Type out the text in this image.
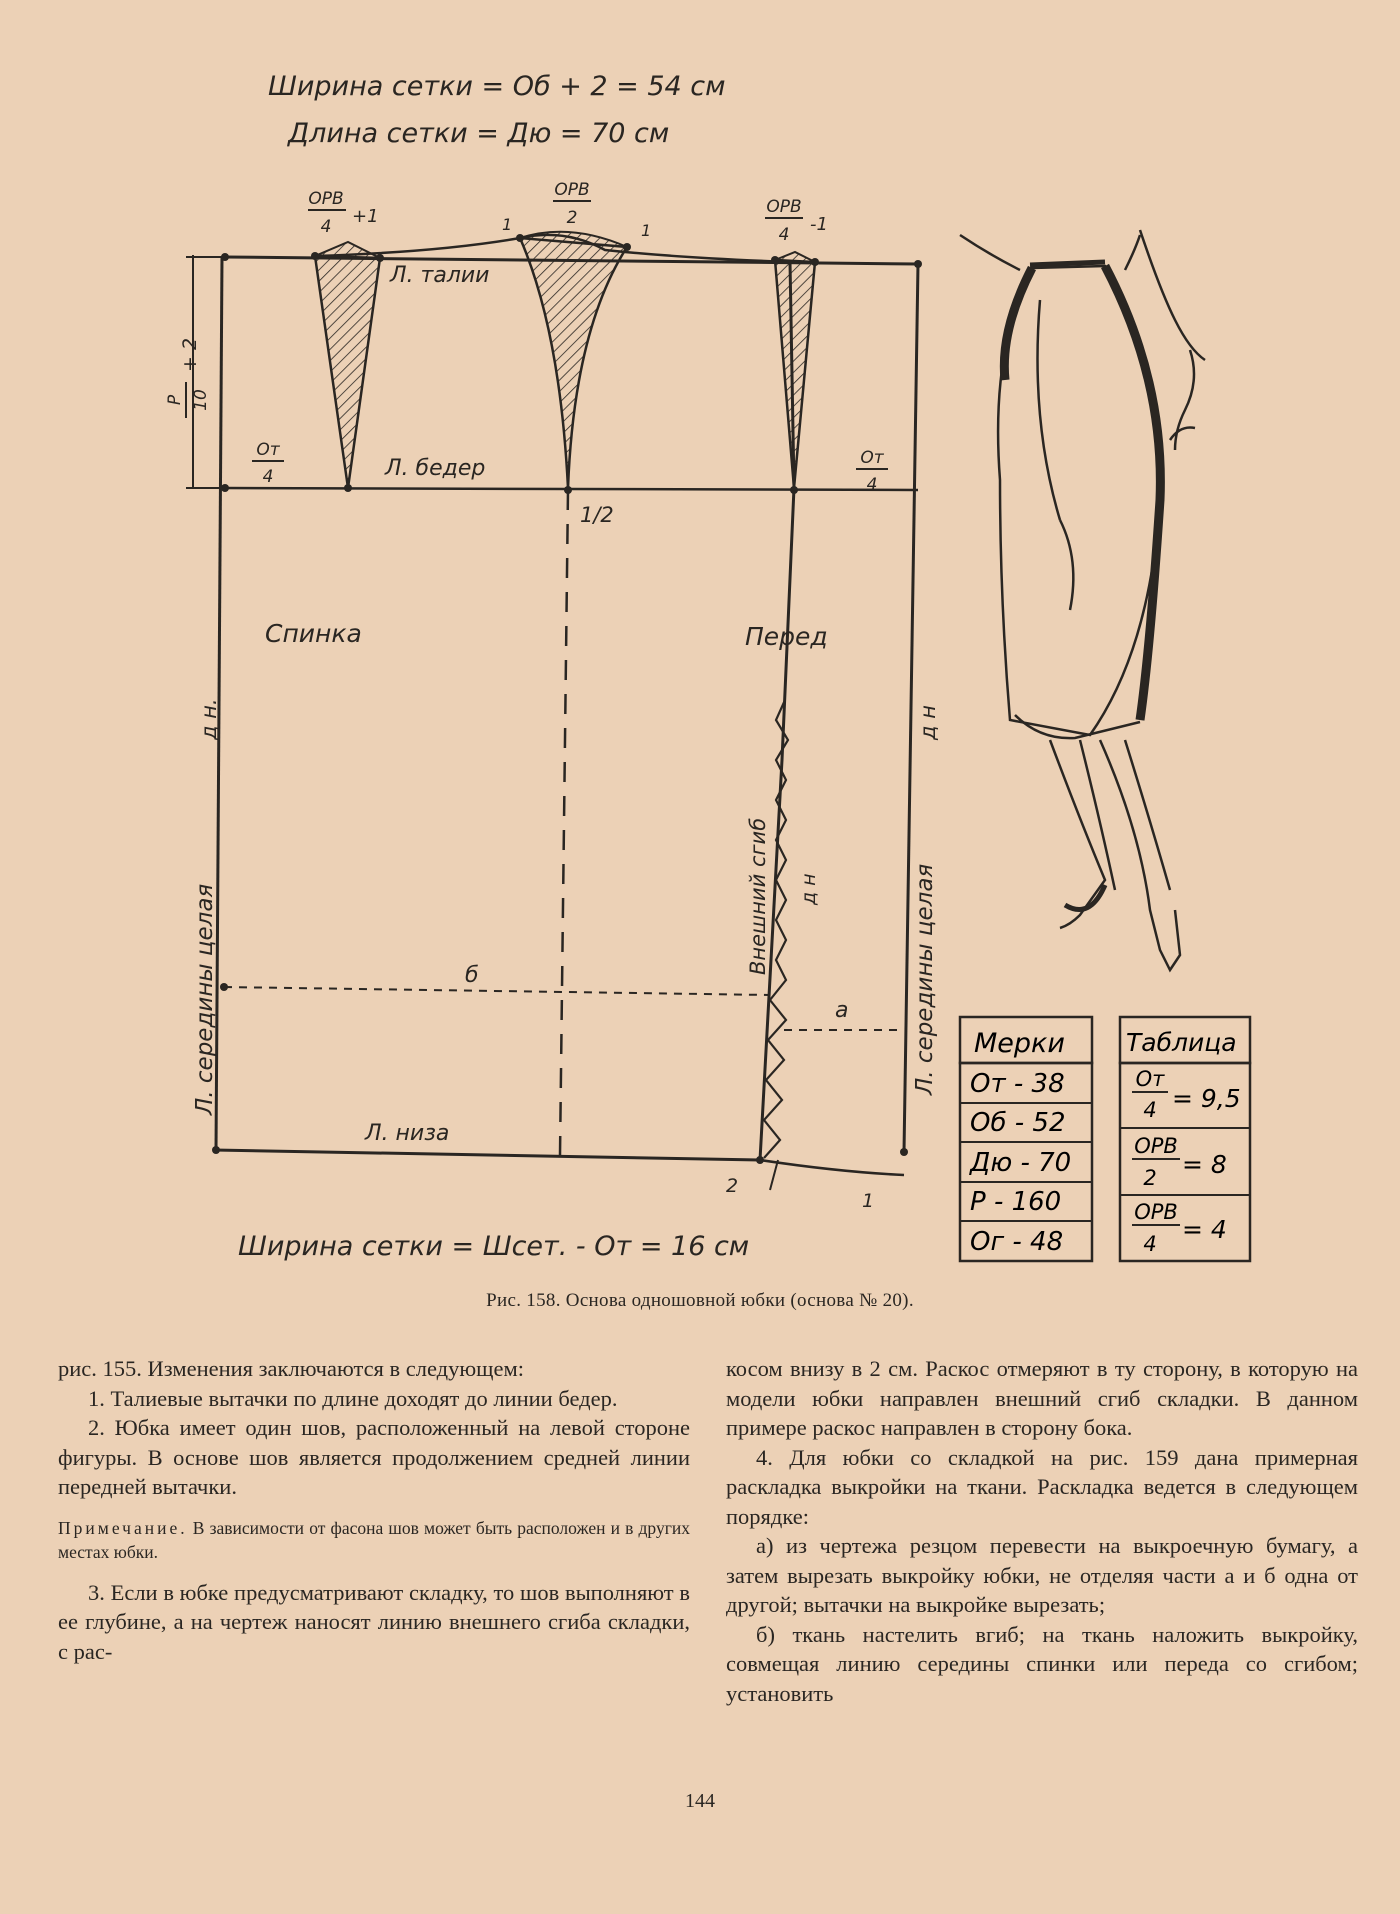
Ширина сетки = Об + 2 = 54 см
Длина сетки = Дю = 70 см
ОРВ
4 +1
ОРВ
2
ОРВ
4 -1
1	1
Л. талии
Л. бедер
Л. низа
Спинка	Перед
1/2
От
4
От
4
Р 10
+ 2
д н.	д н
д н
Л. середины целая	Л. середины целая
Внешний сгиб
б
а
2
1
Ширина сетки = Шсет. - От = 16 см
Мерки
От - 38
Об - 52
Дю - 70
Р - 160
Ог - 48
Таблица
От
4 = 9,5
ОРВ
2 = 8
ОРВ
4 = 4
Рис. 158. Основа одношовной юбки (основа № 20).

рис. 155. Изменения заключаются в следующем:

1. Талиевые вытачки по длине доходят до линии бедер.

2. Юбка имеет один шов, расположенный на левой стороне фигуры. В основе шов является продолжением средней линии передней вытачки.

Примечание. В зависимости от фасона шов может быть расположен и в других местах юбки.

3. Если в юбке предусматривают складку, то шов выполняют в ее глубине, а на чертеж наносят линию внешнего сгиба складки, с рас-

косом внизу в 2 см. Раскос отмеряют в ту сторону, в которую на модели юбки направлен внешний сгиб складки. В данном примере раскос направлен в сторону бока.

4. Для юбки со складкой на рис. 159 дана примерная раскладка выкройки на ткани. Раскладка ведется в следующем порядке:

а) из чертежа резцом перевести на выкроечную бумагу, а затем вырезать выкройку юбки, не отделяя части а и б одна от другой; вытачки на выкройке вырезать;

б) ткань настелить вгиб; на ткань наложить выкройку, совмещая линию середины спинки или переда со сгибом; установить

144
